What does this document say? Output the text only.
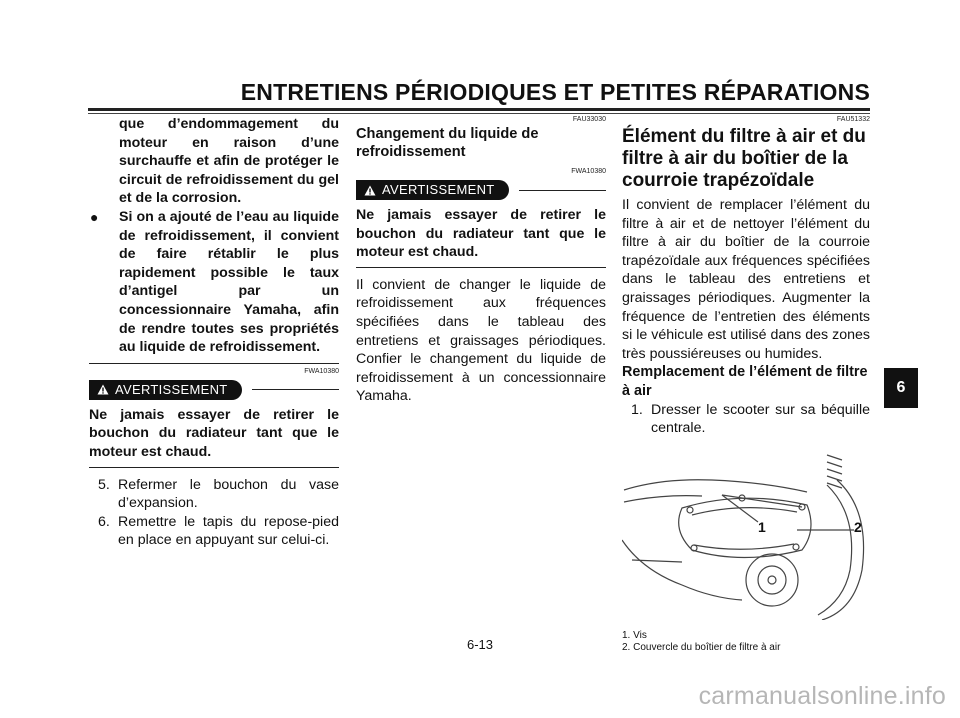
ENTRETIENS PÉRIODIQUES ET PETITES RÉPARATIONS
que d’endommagement du moteur en raison d’une surchauffe et afin de protéger le circuit de refroidissement du gel et de la corrosion.
● Si on a ajouté de l’eau au liquide de refroidissement, il convient de faire rétablir le plus rapidement possible le taux d’antigel par un concessionnaire Yamaha, afin de rendre toutes ses propriétés au liquide de refroidissement.
FWA10380
AVERTISSEMENT
Ne jamais essayer de retirer le bouchon du radiateur tant que le moteur est chaud.
5. Refermer le bouchon du vase d’expansion.
6. Remettre le tapis du repose-pied en place en appuyant sur celui-ci.
FAU33030
Changement du liquide de refroidissement
FWA10380
AVERTISSEMENT
Ne jamais essayer de retirer le bouchon du radiateur tant que le moteur est chaud.
Il convient de changer le liquide de refroidissement aux fréquences spécifiées dans le tableau des entretiens et graissages périodiques. Confier le changement du liquide de refroidissement à un concessionnaire Yamaha.
FAU51332
Élément du filtre à air et du filtre à air du boîtier de la courroie trapézoïdale
Il convient de remplacer l’élément du filtre à air et de nettoyer l’élément du filtre à air du boîtier de la courroie trapézoïdale aux fréquences spécifiées dans le tableau des entretiens et graissages périodiques. Augmenter la fréquence de l’entretien des éléments si le véhicule est utilisé dans des zones très poussiéreuses ou humides.
Remplacement de l’élément de filtre à air
1. Dresser le scooter sur sa béquille centrale.
1	2
1. Vis
2. Couvercle du boîtier de filtre à air
6-13
6
carmanualsonline.info
